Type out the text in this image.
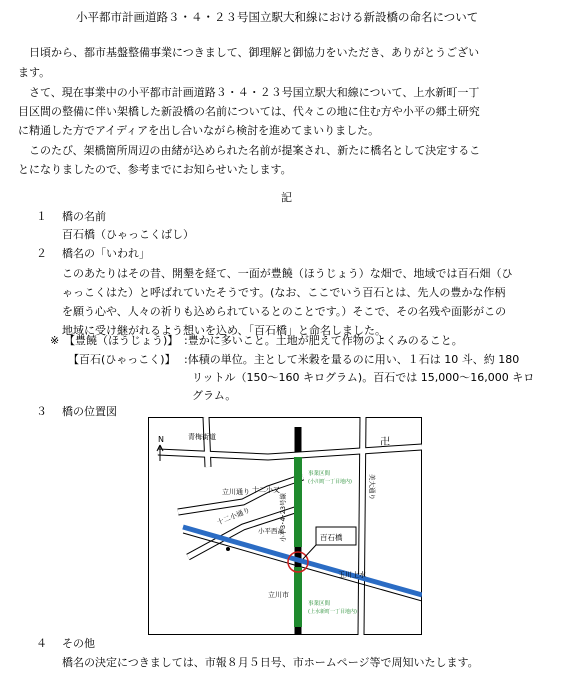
小平都市計画道路３・４・２３号国立駅大和線における新設橋の命名について
　日頃から、都市基盤整備事業につきまして、御理解と御協力をいただき、ありがとうござい
ます。
　さて、現在事業中の小平都市計画道路３・４・２３号国立駅大和線について、上水新町一丁
目区間の整備に伴い架橋した新設橋の名前については、代々この地に住む方や小平の郷土研究
に精通した方でアイディアを出し合いながら検討を進めてまいりました。
　このたび、架橋箇所周辺の由緒が込められた名前が提案され、新たに橋名として決定するこ
とになりましたので、参考までにお知らせいたします。
記
１ 橋の名前
百石橋（ひゃっこくばし）
２ 橋名の「いわれ」
このあたりはその昔、開墾を経て、一面が豊饒（ほうじょう）な畑で、地域では百石畑（ひ
ゃっこくはた）と呼ばれていたそうです。(なお、ここでいう百石とは、先人の豊かな作柄
を願う心や、人々の祈りも込められているとのことです。）そこで、その名残や面影がこの
地域に受け継がれるよう想いを込め、「百石橋」と命名しました。
※ 【豊饒（ほうじょう)】 :豊かに多いこと。土地が肥えて作物のよくみのること。
【百石(ひゃっこく)】 :体積の単位。主として米穀を量るのに用い、１石は 10 斗、約 180
リットル（150～160 キログラム)。百石では 15,000～16,000 キロ
グラム。
３ 橋の位置図
N	卍
青梅街道
立川通り 十二小又
十二小通り
小平西高
小平3･4･23号線
玉川上水
立川市
百石橋
美大通り
事業区間
(小川町一丁目地内)
事業区間
(上水新町一丁目地内)
４ その他
橋名の決定につきましては、市報８月５日号、市ホームページ等で周知いたします。
